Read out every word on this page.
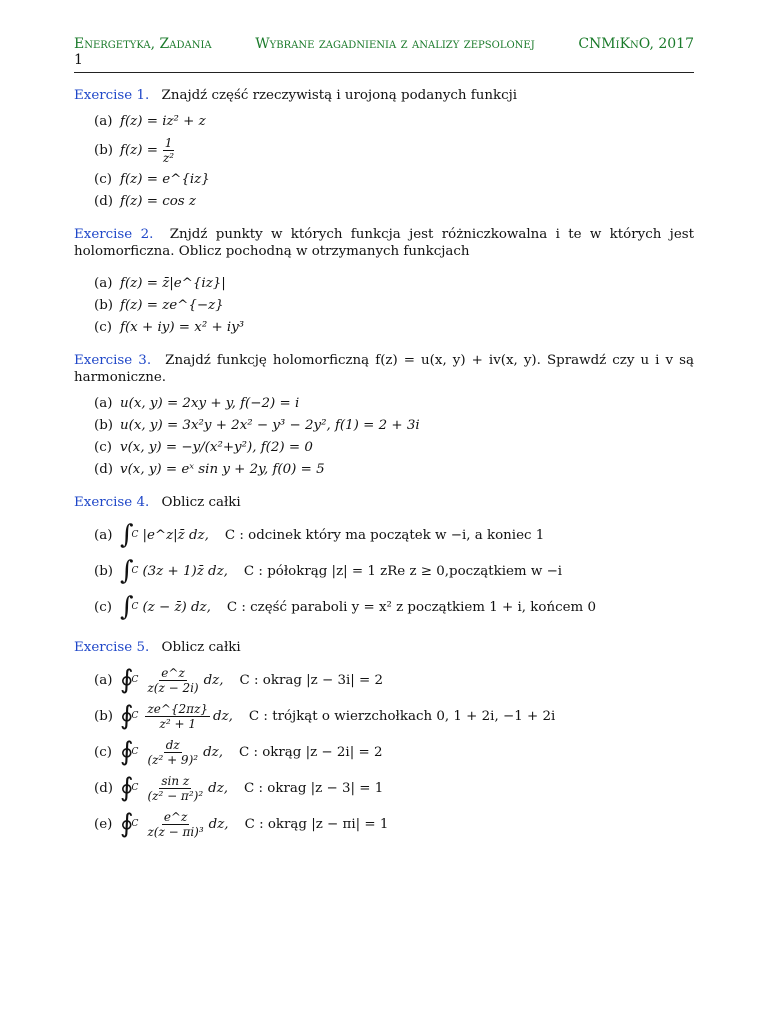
Energetyka, Zadania	Wybrane zagadnienia z analizy zepsolonej	CNMiKnO, 2017
1
Exercise 1. Znajdź część rzeczywistą i urojoną podanych funkcji
(a) f(z) = iz² + z
(b) $f(z) = \frac{1}{\text{z²}}$
(c) f(z) = e^{iz}
(d) f(z) = cos z
Exercise 2. Znjdź punkty w których funkcja jest różniczkowalna i te w których jest holomorficzna. Oblicz pochodną w otrzymanych funkcjach
(a) f(z) = z̄|e^{iz}|
(b) f(z) = ze^{−z}
(c) f(x + iy) = x² + iy³
Exercise 3. Znajdź funkcję holomorficzną f(z) = u(x, y) + iv(x, y). Sprawdź czy u i v są harmoniczne.
(a) u(x, y) = 2xy + y, f(−2) = i
(b) u(x, y) = 3x²y + 2x² − y³ − 2y², f(1) = 2 + 3i
(c) v(x, y) = −y/(x²+y²), f(2) = 0
(d) v(x, y) = eˣ sin y + 2y, f(0) = 5
Exercise 4. Oblicz całki
(a) ∫
C |e^z|z̄ dz, C : odcinek który ma początek w −i, a koniec 1
(b) ∫
C (3z + 1)z̄ dz, C : półokrąg |z| = 1 zRe z ≥ 0,początkiem w −i
(c) ∫
C (z − z̄) dz, C : część paraboli y = x² z początkiem 1 + i, końcem 0
Exercise 5. Oblicz całki
(a) ∮
C $\frac{e\^{}z}{z(z - 2i)}$ dz, C : okrag |z − 3i| = 2
(b) ∮
C $\frac{ze\^{}\{2\pi z\}}{\text{z² + 1}}$ dz, C : trójkąt o wierzchołkach 0, 1 + 2i, −1 + 2i
(c) ∮
C $\frac{dz}{\text{(z² + 9)²}}$ dz, C : okrąg |z − 2i| = 2
(d) ∮
C $\frac{\text{sin z}}{\text{(z² − π²)²}}$ dz, C : okrag |z − 3| = 1
(e) ∮
C $\frac{e\^{}z}{\text{z(z − πi)³}}$ dz, C : okrąg |z − πi| = 1
